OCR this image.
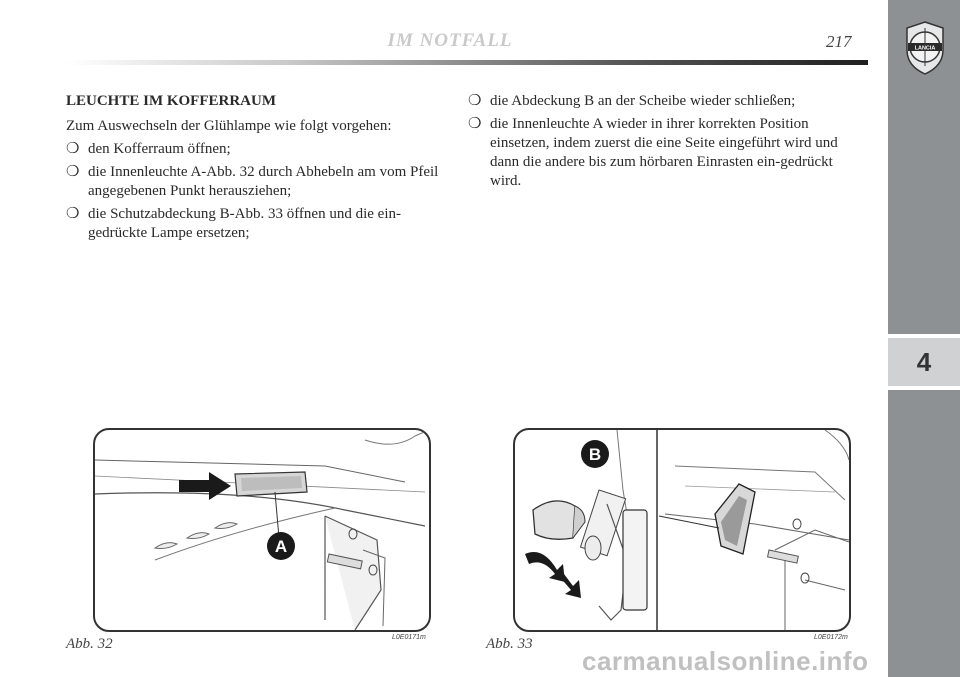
IM NOTFALL	217
4
LANCIA

LEUCHTE IM KOFFERRAUM

Zum Auswechseln der Glühlampe wie folgt vorgehen:

❍ den Kofferraum öffnen;
❍ die Innenleuchte A-Abb. 32 durch Abhebeln am vom Pfeil angegebenen Punkt herausziehen;
❍ die Schutzabdeckung B-Abb. 33 öffnen und die ein-gedrückte Lampe ersetzen;
❍ die Abdeckung B an der Scheibe wieder schließen;
❍ die Innenleuchte A wieder in ihrer korrekten Position einsetzen, indem zuerst die eine Seite eingeführt wird und dann die andere bis zum hörbaren Einrasten ein-gedrückt wird.
A
Abb. 32	L0E0171m
B
Abb. 33	L0E0172m
carmanualsonline.info
